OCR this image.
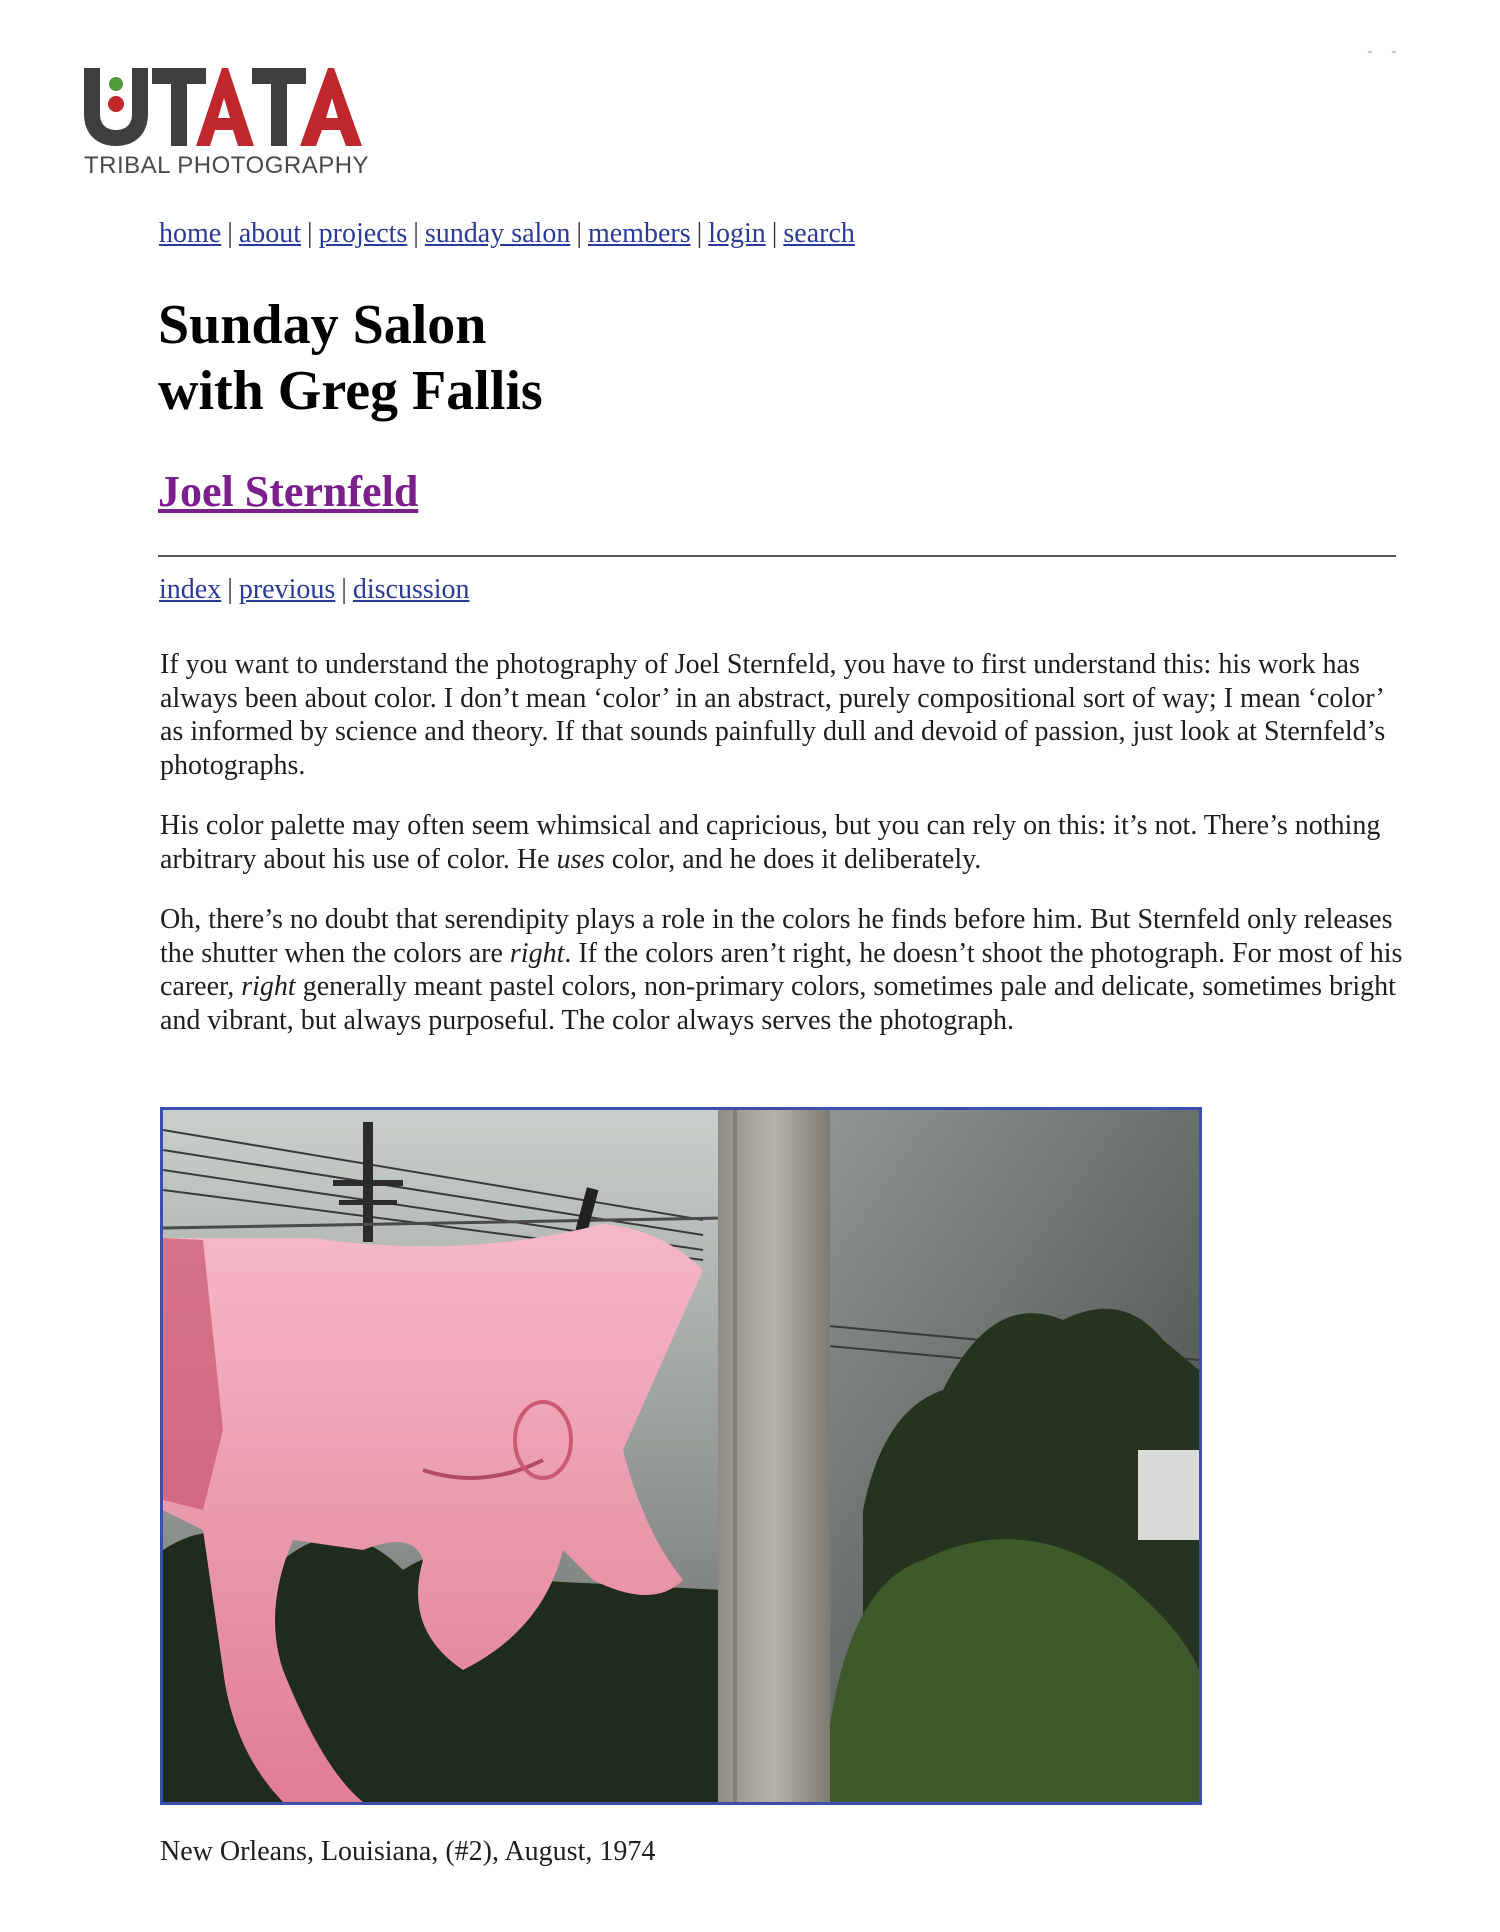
TRIBAL PHOTOGRAPHY
home | about | projects | sunday salon | members | login | search
Sunday Salon
with Greg Fallis
Joel Sternfeld
index | previous | discussion

If you want to understand the photography of Joel Sternfeld, you have to first understand this: his work has always been about color. I don’t mean ‘color’ in an abstract, purely compositional sort of way; I mean ‘color’ as informed by science and theory. If that sounds painfully dull and devoid of passion, just look at Sternfeld’s photographs.

His color palette may often seem whimsical and capricious, but you can rely on this: it’s not. There’s nothing arbitrary about his use of color. He uses color, and he does it deliberately.

Oh, there’s no doubt that serendipity plays a role in the colors he finds before him. But Sternfeld only releases the shutter when the colors are right. If the colors aren’t right, he doesn’t shoot the photograph. For most of his career, right generally meant pastel colors, non-primary colors, sometimes pale and delicate, sometimes bright and vibrant, but always purposeful. The color always serves the photograph.

New Orleans, Louisiana, (#2), August, 1974
